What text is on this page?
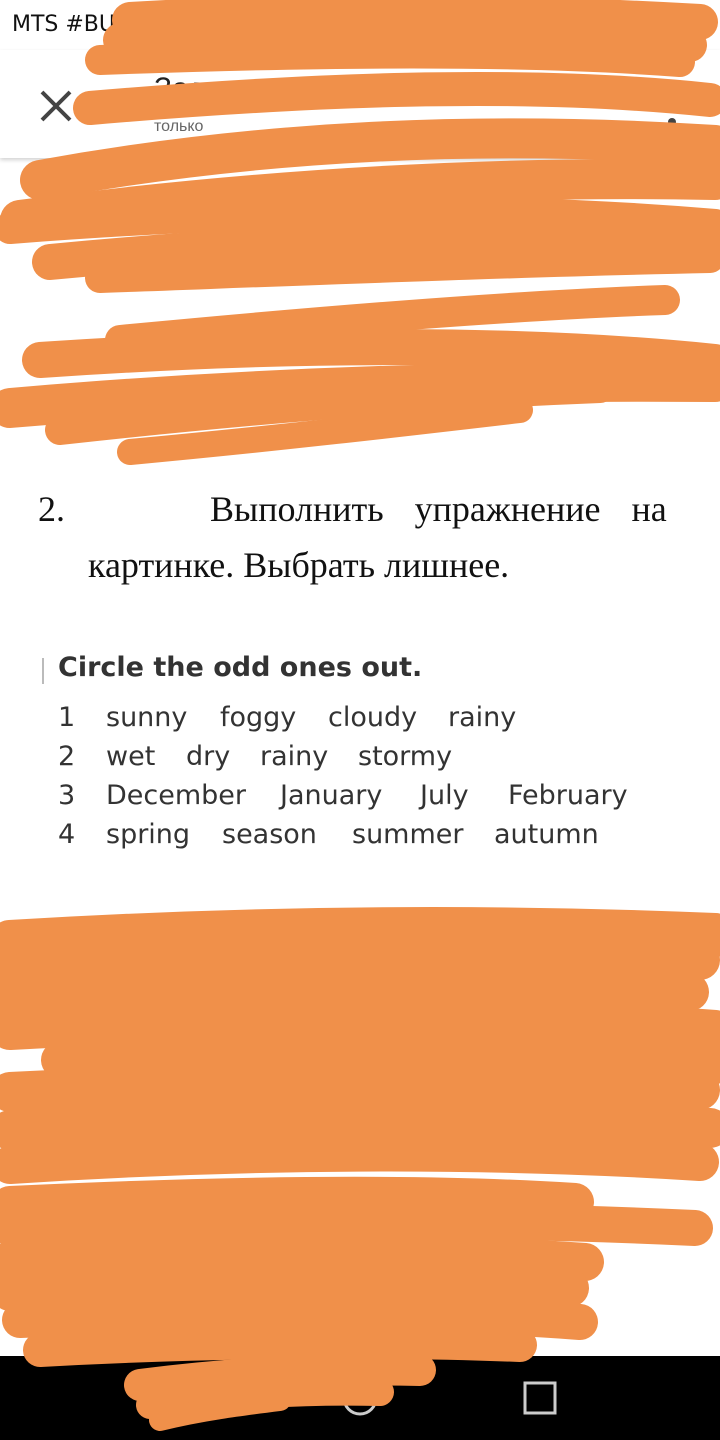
MTS #BUD	11:47
Задание по англи
только
2.	Выполнить упражнение на
картинке. Выбрать лишнее.
Circle the odd ones out.
1 sunny foggy cloudy rainy
2 wet dry rainy stormy
3 December January July February
4 spring season summer autumn
